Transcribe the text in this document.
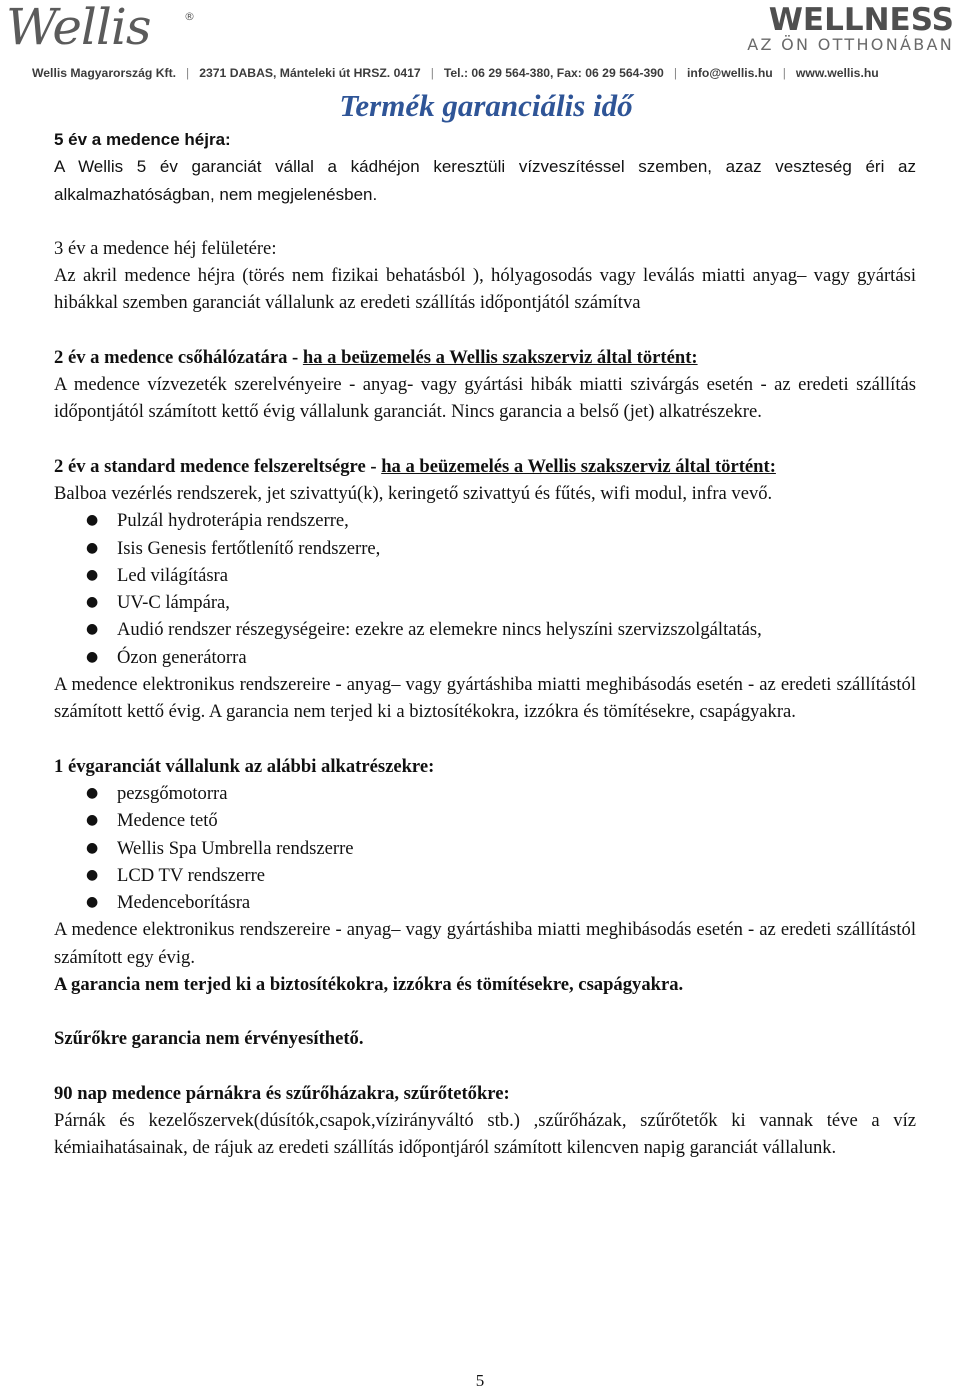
Wellis	®	WELLNESS
AZ ÖN OTTHONÁBAN
Wellis Magyarország Kft. | 2371 DABAS, Mánteleki út HRSZ. 0417 | Tel.: 06 29 564-380, Fax: 06 29 564-390 | info@wellis.hu | www.wellis.hu
Termék garanciális idő

5 év a medence héjra:

A Wellis 5 év garanciát vállal a kádhéjon keresztüli vízveszítéssel szemben, azaz veszteség éri az alkalmazhatóságban, nem megjelenésben.

3 év a medence héj felületére:

Az akril medence héjra (törés nem fizikai behatásból ), hólyagosodás vagy leválás miatti anyag– vagy gyártási hibákkal szemben garanciát vállalunk az eredeti szállítás időpontjától számítva

2 év a medence csőhálózatára - ha a beüzemelés a Wellis szakszerviz által történt:

A medence vízvezeték szerelvényeire - anyag- vagy gyártási hibák miatti szivárgás esetén - az eredeti szállítás időpontjától számított kettő évig vállalunk garanciát. Nincs garancia a belső (jet) alkatrészekre.

2 év a standard medence felszereltségre - ha a beüzemelés a Wellis szakszerviz által történt:

Balboa vezérlés rendszerek, jet szivattyú(k), keringető szivattyú és fűtés, wifi modul, infra vevő.

● Pulzál hydroterápia rendszerre,
● Isis Genesis fertőtlenítő rendszerre,
● Led világításra
● UV-C lámpára,
● Audió rendszer részegységeire: ezekre az elemekre nincs helyszíni szervizszolgáltatás,
● Ózon generátorra

A medence elektronikus rendszereire - anyag– vagy gyártáshiba miatti meghibásodás esetén - az eredeti szállítástól számított kettő évig. A garancia nem terjed ki a biztosítékokra, izzókra és tömítésekre, csapágyakra.

1 évgaranciát vállalunk az alábbi alkatrészekre:

● pezsgőmotorra
● Medence tető
● Wellis Spa Umbrella rendszerre
● LCD TV rendszerre
● Medenceborításra

A medence elektronikus rendszereire - anyag– vagy gyártáshiba miatti meghibásodás esetén - az eredeti szállítástól számított egy évig.

A garancia nem terjed ki a biztosítékokra, izzókra és tömítésekre, csapágyakra.

Szűrőkre garancia nem érvényesíthető.

90 nap medence párnákra és szűrőházakra, szűrőtetőkre:

Párnák és kezelőszervek(dúsítók,csapok,vízirányváltó stb.) ,szűrőházak, szűrőtetők ki vannak téve a víz kémiaihatásainak, de rájuk az eredeti szállítás időpontjáról számított kilencven napig garanciát vállalunk.

5
